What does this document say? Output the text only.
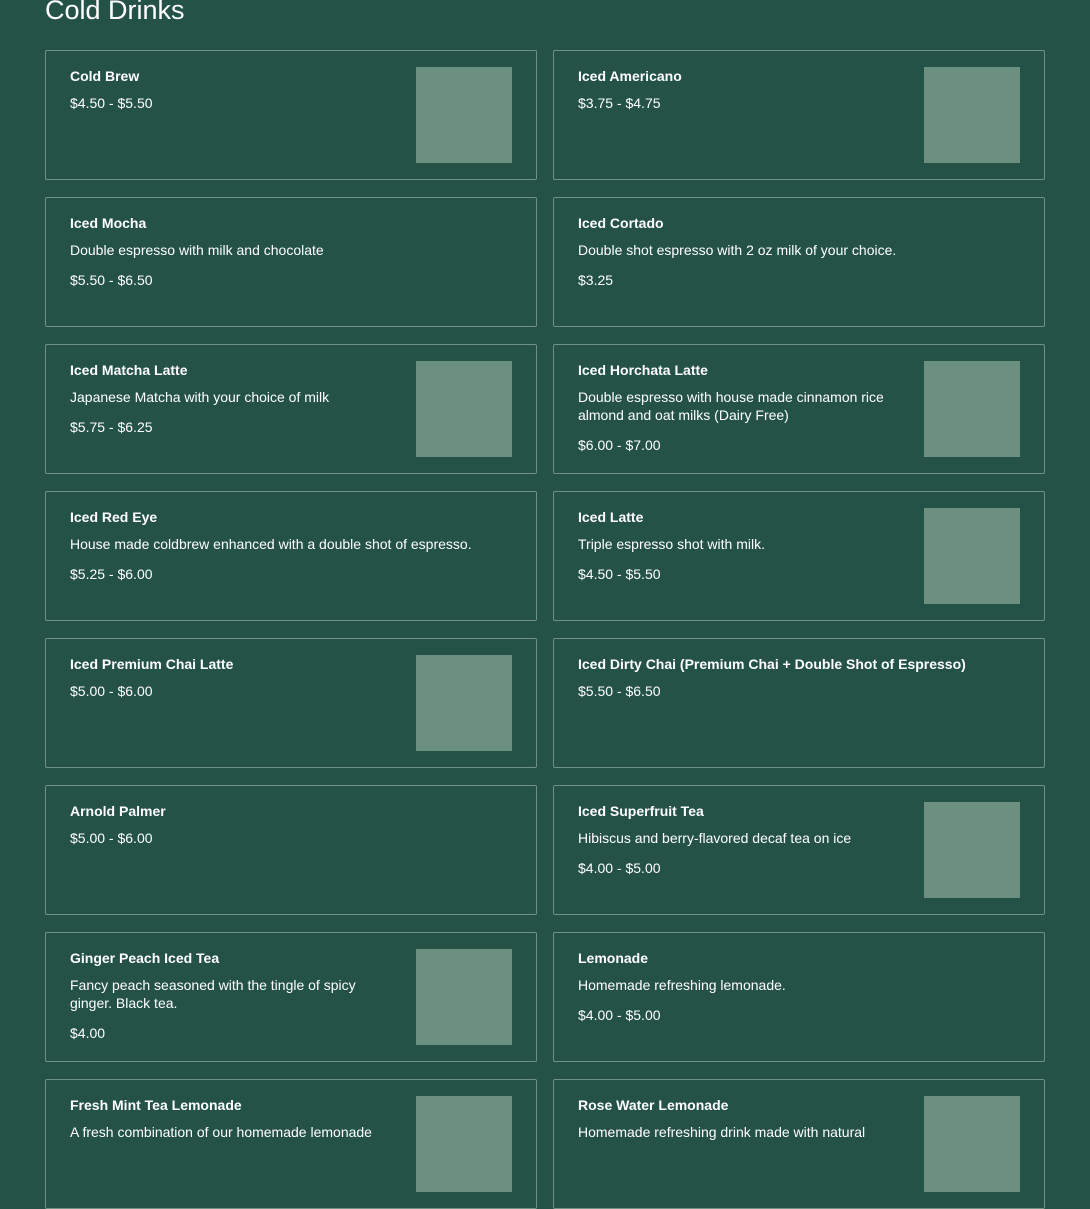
Cold Drinks
Cold Brew
$4.50 - $5.50
Iced Americano
$3.75 - $4.75
Iced Mocha
Double espresso with milk and chocolate
$5.50 - $6.50
Iced Cortado
Double shot espresso with 2 oz milk of your choice.
$3.25
Iced Matcha Latte
Japanese Matcha with your choice of milk
$5.75 - $6.25
Iced Horchata Latte
Double espresso with house made cinnamon rice almond and oat milks (Dairy Free)
$6.00 - $7.00
Iced Red Eye
House made coldbrew enhanced with a double shot of espresso.
$5.25 - $6.00
Iced Latte
Triple espresso shot with milk.
$4.50 - $5.50
Iced Premium Chai Latte
$5.00 - $6.00
Iced Dirty Chai (Premium Chai + Double Shot of Espresso)
$5.50 - $6.50
Arnold Palmer
$5.00 - $6.00
Iced Superfruit Tea
Hibiscus and berry-flavored decaf tea on ice
$4.00 - $5.00
Ginger Peach Iced Tea
Fancy peach seasoned with the tingle of spicy ginger. Black tea.
$4.00
Lemonade
Homemade refreshing lemonade.
$4.00 - $5.00
Fresh Mint Tea Lemonade
A fresh combination of our homemade lemonade
Rose Water Lemonade
Homemade refreshing drink made with natural
